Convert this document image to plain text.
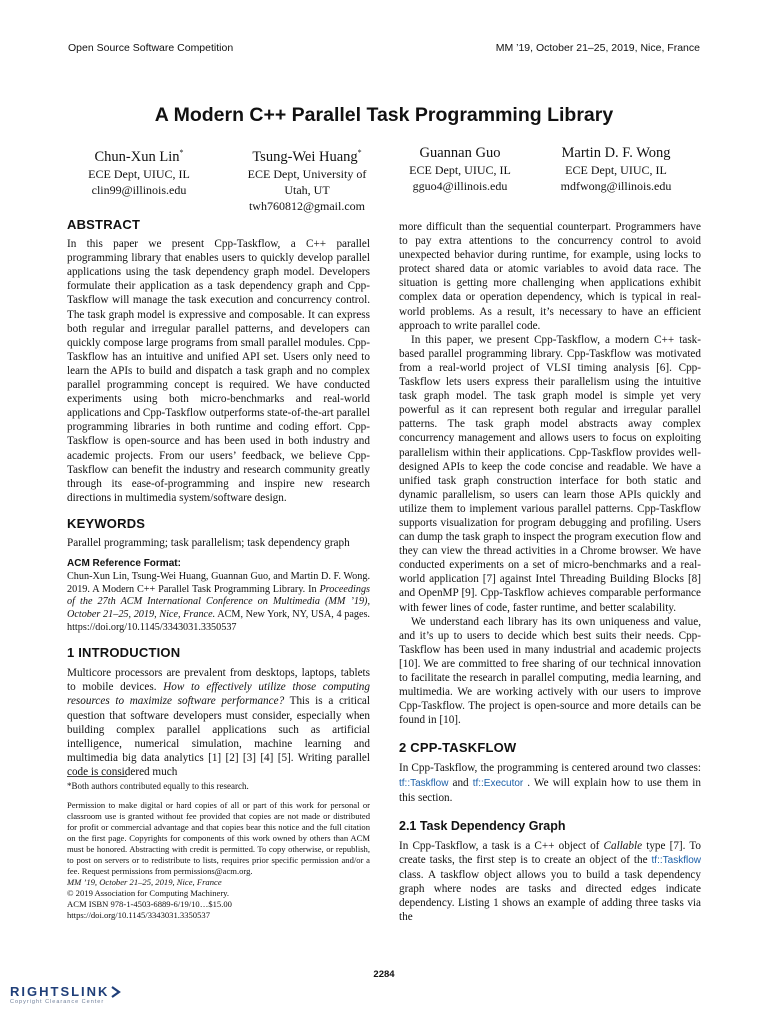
Open Source Software Competition	MM ’19, October 21–25, 2019, Nice, France
A Modern C++ Parallel Task Programming Library
Chun-Xun Lin*
ECE Dept, UIUC, IL
clin99@illinois.edu
Tsung-Wei Huang*
ECE Dept, University of
Utah, UT
twh760812@gmail.com
Guannan Guo
ECE Dept, UIUC, IL
gguo4@illinois.edu
Martin D. F. Wong
ECE Dept, UIUC, IL
mdfwong@illinois.edu
ABSTRACT

In this paper we present Cpp-Taskflow, a C++ parallel programming library that enables users to quickly develop parallel applications using the task dependency graph model. Developers formulate their application as a task dependency graph and Cpp-Taskflow will manage the task execution and concurrency control. The task graph model is expressive and composable. It can express both regular and irregular parallel patterns, and developers can quickly compose large programs from small parallel modules. Cpp-Taskflow has an intuitive and unified API set. Users only need to learn the APIs to build and dispatch a task graph and no complex parallel programming concept is required. We have conducted experiments using both micro-benchmarks and real-world applications and Cpp-Taskflow outperforms state-of-the-art parallel programming libraries in both runtime and coding effort. Cpp-Taskflow is open-source and has been used in both industry and academic projects. From our users’ feedback, we believe Cpp-Taskflow can benefit the industry and research community greatly through its ease-of-programming and inspire new research directions in multimedia system/software design.

KEYWORDS

Parallel programming; task parallelism; task dependency graph

ACM Reference Format:

Chun-Xun Lin, Tsung-Wei Huang, Guannan Guo, and Martin D. F. Wong. 2019. A Modern C++ Parallel Task Programming Library. In Proceedings of the 27th ACM International Conference on Multimedia (MM ’19), October 21–25, 2019, Nice, France. ACM, New York, NY, USA, 4 pages. https://doi.org/10.1145/3343031.3350537

1 INTRODUCTION

Multicore processors are prevalent from desktops, laptops, tablets to mobile devices. How to effectively utilize those computing resources to maximize software performance? This is a critical question that software developers must consider, especially when building complex parallel applications such as artificial intelligence, numerical simulation, machine learning and multimedia big data analytics [1] [2] [3] [4] [5]. Writing parallel code is considered much

*Both authors contributed equally to this research.
Permission to make digital or hard copies of all or part of this work for personal or classroom use is granted without fee provided that copies are not made or distributed for profit or commercial advantage and that copies bear this notice and the full citation on the first page. Copyrights for components of this work owned by others than ACM must be honored. Abstracting with credit is permitted. To copy otherwise, or republish, to post on servers or to redistribute to lists, requires prior specific permission and/or a fee. Request permissions from permissions@acm.org.
MM ’19, October 21–25, 2019, Nice, France
© 2019 Association for Computing Machinery.
ACM ISBN 978-1-4503-6889-6/19/10…$15.00
https://doi.org/10.1145/3343031.3350537

more difficult than the sequential counterpart. Programmers have to pay extra attentions to the concurrency control to avoid unexpected behavior during runtime, for example, using locks to protect shared data or atomic variables to avoid data race. The situation is getting more challenging when applications exhibit complex data or operation dependency, which is typical in real-world problems. As a result, it’s necessary to have an efficient approach to write parallel code.

In this paper, we present Cpp-Taskflow, a modern C++ task-based parallel programming library. Cpp-Taskflow was motivated from a real-world project of VLSI timing analysis [6]. Cpp-Taskflow lets users express their parallelism using the intuitive task graph model. The task graph model is simple yet very powerful as it can represent both regular and irregular parallel patterns. The task graph model abstracts away complex concurrency management and allows users to focus on exploiting parallelism within their applications. Cpp-Taskflow provides well-designed APIs to keep the code concise and readable. We have a unified task graph construction interface for both static and dynamic parallelism, so users can learn those APIs quickly and utilize them to implement various parallel patterns. Cpp-Taskflow supports visualization for program debugging and profiling. Users can dump the task graph to inspect the program execution flow and they can view the thread activities in a Chrome browser. We have conducted experiments on a set of micro-benchmarks and a real-world application [7] against Intel Threading Building Blocks [8] and OpenMP [9]. Cpp-Taskflow achieves comparable performance with fewer lines of code, faster runtime, and better scalability.

We understand each library has its own uniqueness and value, and it’s up to users to decide which best suits their needs. Cpp-Taskflow has been used in many industrial and academic projects [10]. We are committed to free sharing of our technical innovation to facilitate the research in parallel computing, media learning, and multimedia. We are working actively with our users to improve Cpp-Taskflow. The project is open-source and more details can be found in [10].

2 CPP-TASKFLOW

In Cpp-Taskflow, the programming is centered around two classes: tf::Taskflow and tf::Executor . We will explain how to use them in this section.

2.1 Task Dependency Graph

In Cpp-Taskflow, a task is a C++ object of Callable type [7]. To create tasks, the first step is to create an object of the tf::Taskflow class. A taskflow object allows you to build a task dependency graph where nodes are tasks and directed edges indicate dependency. Listing 1 shows an example of adding three tasks via the

2284
RIGHTSLINK
Copyright Clearance Center
